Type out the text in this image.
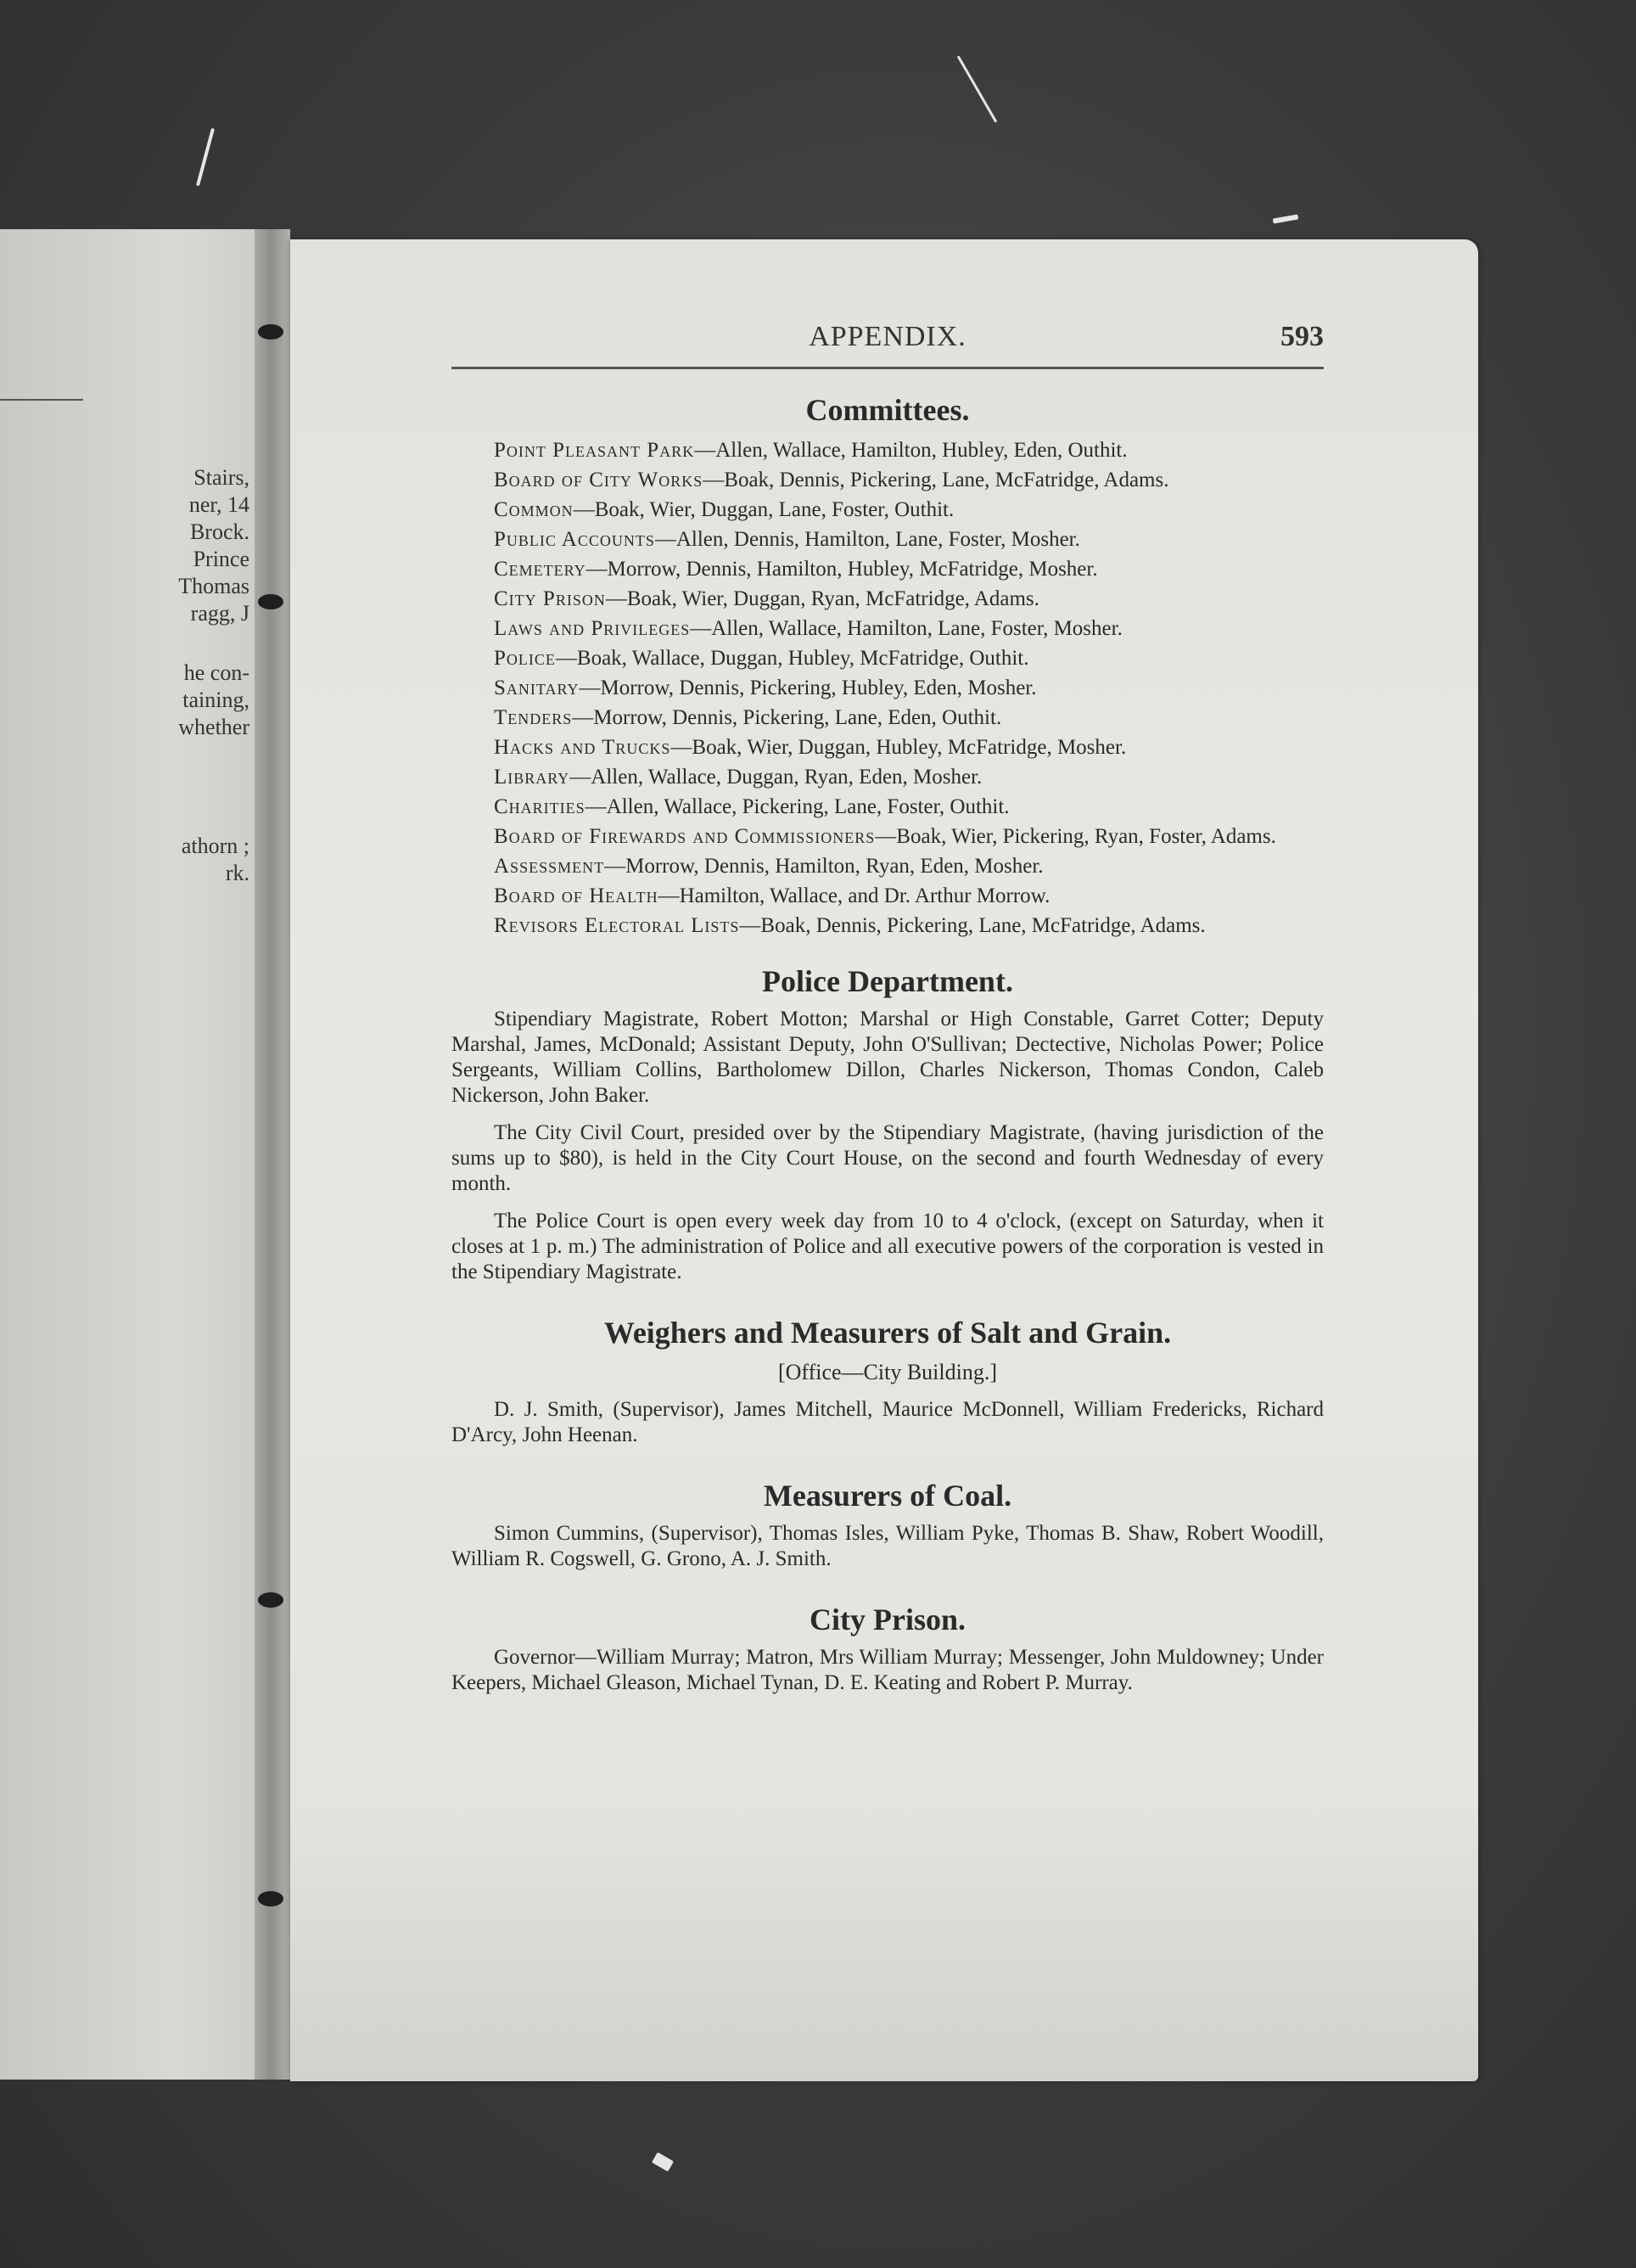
Stairs,
ner, 14
Brock.
Prince
Thomas
ragg, J
he con-
taining,
whether
athorn ;
rk.
APPENDIX.	593
Committees.
Point Pleasant Park—Allen, Wallace, Hamilton, Hubley, Eden, Outhit.
Board of City Works—Boak, Dennis, Pickering, Lane, McFatridge, Adams.
Common—Boak, Wier, Duggan, Lane, Foster, Outhit.
Public Accounts—Allen, Dennis, Hamilton, Lane, Foster, Mosher.
Cemetery—Morrow, Dennis, Hamilton, Hubley, McFatridge, Mosher.
City Prison—Boak, Wier, Duggan, Ryan, McFatridge, Adams.
Laws and Privileges—Allen, Wallace, Hamilton, Lane, Foster, Mosher.
Police—Boak, Wallace, Duggan, Hubley, McFatridge, Outhit.
Sanitary—Morrow, Dennis, Pickering, Hubley, Eden, Mosher.
Tenders—Morrow, Dennis, Pickering, Lane, Eden, Outhit.
Hacks and Trucks—Boak, Wier, Duggan, Hubley, McFatridge, Mosher.
Library—Allen, Wallace, Duggan, Ryan, Eden, Mosher.
Charities—Allen, Wallace, Pickering, Lane, Foster, Outhit.
Board of Firewards and Commissioners—Boak, Wier, Pickering, Ryan, Foster, Adams.
Assessment—Morrow, Dennis, Hamilton, Ryan, Eden, Mosher.
Board of Health—Hamilton, Wallace, and Dr. Arthur Morrow.
Revisors Electoral Lists—Boak, Dennis, Pickering, Lane, McFatridge, Adams.
Police Department.
Stipendiary Magistrate, Robert Motton; Marshal or High Constable, Garret Cotter; Deputy Marshal, James, McDonald; Assistant Deputy, John O'Sullivan; Dectective, Nicholas Power; Police Sergeants, William Collins, Bartholomew Dillon, Charles Nickerson, Thomas Condon, Caleb Nickerson, John Baker.
The City Civil Court, presided over by the Stipendiary Magistrate, (having jurisdiction of the sums up to $80), is held in the City Court House, on the second and fourth Wednesday of every month.
The Police Court is open every week day from 10 to 4 o'clock, (except on Saturday, when it closes at 1 p. m.) The administration of Police and all executive powers of the corporation is vested in the Stipendiary Magistrate.
Weighers and Measurers of Salt and Grain.
[Office—City Building.]
D. J. Smith, (Supervisor), James Mitchell, Maurice McDonnell, William Fredericks, Richard D'Arcy, John Heenan.
Measurers of Coal.
Simon Cummins, (Supervisor), Thomas Isles, William Pyke, Thomas B. Shaw, Robert Woodill, William R. Cogswell, G. Grono, A. J. Smith.
City Prison.
Governor—William Murray; Matron, Mrs William Murray; Messenger, John Muldowney; Under Keepers, Michael Gleason, Michael Tynan, D. E. Keating and Robert P. Murray.
